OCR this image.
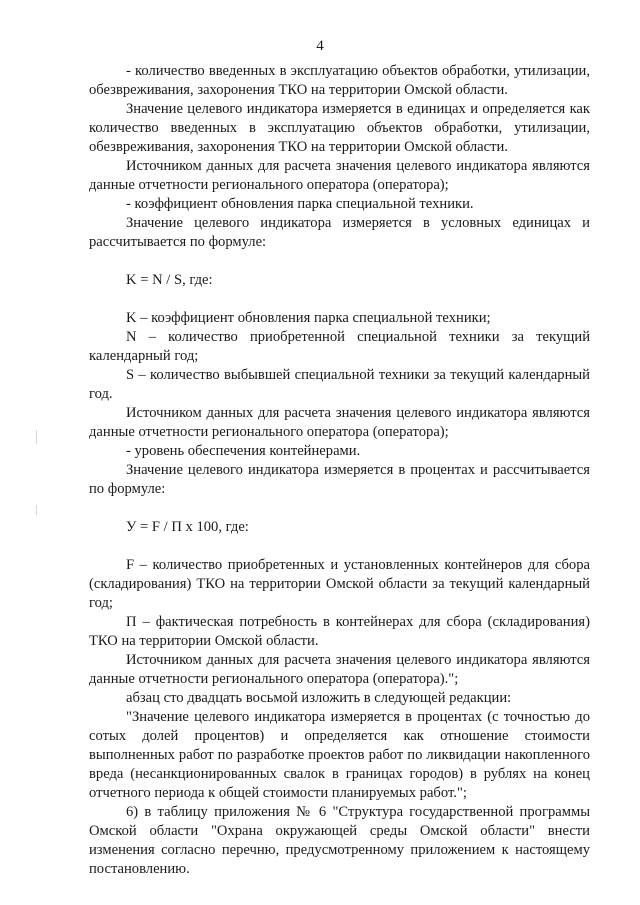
4

- количество введенных в эксплуатацию объектов обработки, утилизации, обезвреживания, захоронения ТКО на территории Омской области.

Значение целевого индикатора измеряется в единицах и определяется как количество введенных в эксплуатацию объектов обработки, утилизации, обезвреживания, захоронения ТКО на территории Омской области.

Источником данных для расчета значения целевого индикатора являются данные отчетности регионального оператора (оператора);

- коэффициент обновления парка специальной техники.

Значение целевого индикатора измеряется в условных единицах и рассчитывается по формуле:

K = N / S, где:

K – коэффициент обновления парка специальной техники;

N – количество приобретенной специальной техники за текущий календарный год;

S – количество выбывшей специальной техники за текущий календарный год.

Источником данных для расчета значения целевого индикатора являются данные отчетности регионального оператора (оператора);

- уровень обеспечения контейнерами.

Значение целевого индикатора измеряется в процентах и рассчитывается по формуле:

У = F / П х 100, где:

F – количество приобретенных и установленных контейнеров для сбора (складирования) ТКО на территории Омской области за текущий календарный год;

П – фактическая потребность в контейнерах для сбора (складирования) ТКО на территории Омской области.

Источником данных для расчета значения целевого индикатора являются данные отчетности регионального оператора (оператора).";

абзац сто двадцать восьмой изложить в следующей редакции:

"Значение целевого индикатора измеряется в процентах (с точностью до сотых долей процентов) и определяется как отношение стоимости выполненных работ по разработке проектов работ по ликвидации накопленного вреда (несанкционированных свалок в границах городов) в рублях на конец отчетного периода к общей стоимости планируемых работ.";

6) в таблицу приложения № 6 "Структура государственной программы Омской области "Охрана окружающей среды Омской области" внести изменения согласно перечню, предусмотренному приложением к настоящему постановлению.
